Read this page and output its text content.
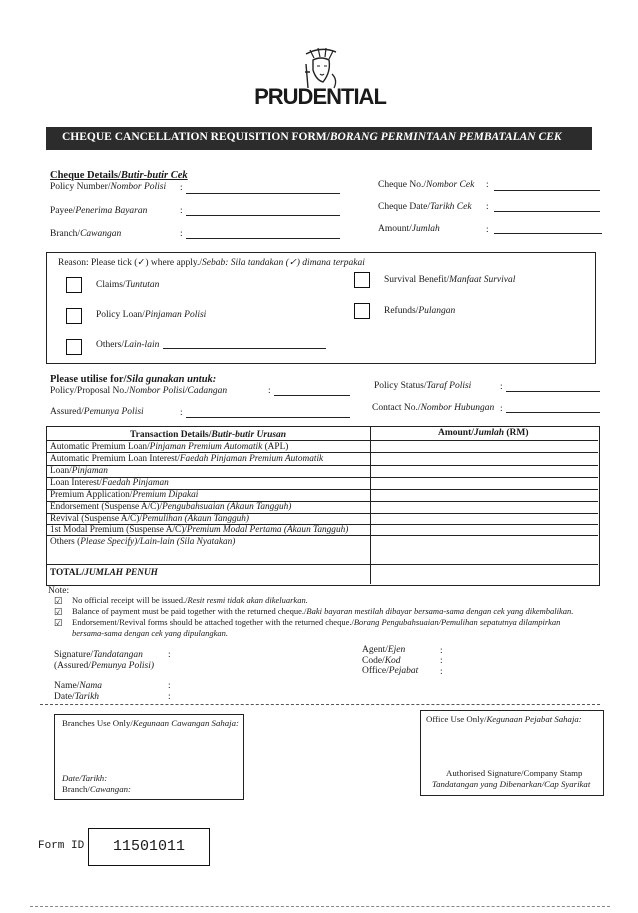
PRUDENTIAL
CHEQUE CANCELLATION REQUISITION FORM/BORANG PERMINTAAN PEMBATALAN CEK
Cheque Details/Butir-butir Cek
Policy Number/Nombor Polisi :
Payee/Penerima Bayaran	:
Branch/Cawangan	:
Cheque No./Nombor Cek :
Cheque Date/Tarikh Cek :
Amount/Jumlah	:
Reason: Please tick (✓) where apply./Sebab: Sila tandakan (✓) dimana terpakai
Claims/Tuntutan
Policy Loan/Pinjaman Polisi
Others/Lain-lain
Survival Benefit/Manfaat Survival
Refunds/Pulangan
Please utilise for/Sila gunakan untuk:
Policy/Proposal No./Nombor Polisi/Cadangan	:
Assured/Pemunya Polisi	:
Policy Status/Taraf Polisi	:
Contact No./Nombor Hubungan :
Transaction Details/Butir-butir Urusan	Amount/Jumlah (RM)
Automatic Premium Loan/Pinjaman Premium Automatik (APL)
Automatic Premium Loan Interest/Faedah Pinjaman Premium Automatik
Loan/Pinjaman
Loan Interest/Faedah Pinjaman
Premium Application/Premium Dipakai
Endorsement (Suspense A/C)/Pengubahsuaian (Akaun Tangguh)
Revival (Suspense A/C)/Pemulihan (Akaun Tangguh)
1st Modal Premium (Suspense A/C)/Premium Modal Pertama (Akaun Tangguh)
Others (Please Specify)/Lain-lain (Sila Nyatakan)
TOTAL/JUMLAH PENUH
Note:
☑ No official receipt will be issued./Resit resmi tidak akan dikeluarkan.
☑ Balance of payment must be paid together with the returned cheque./Baki bayaran mestilah dibayar bersama-sama dengan cek yang dikembalikan.
☑ Endorsement/Revival forms should be attached together with the returned cheque./Borang Pengubahsuaian/Pemulihan sepatutnya dilampirkan
bersama-sama dengan cek yang dipulangkan.
Signature/Tandatangan	:
(Assured/Pemunya Polisi)
Name/Nama	:
Date/Tarikh	:
Agent/Ejen	:
Code/Kod	:
Office/Pejabat :
Branches Use Only/Kegunaan Cawangan Sahaja:
Date/Tarikh:
Branch/Cawangan:
Office Use Only/Kegunaan Pejabat Sahaja:
Authorised Signature/Company Stamp
Tandatangan yang Dibenarkan/Cap Syarikat
Form ID	11501011
